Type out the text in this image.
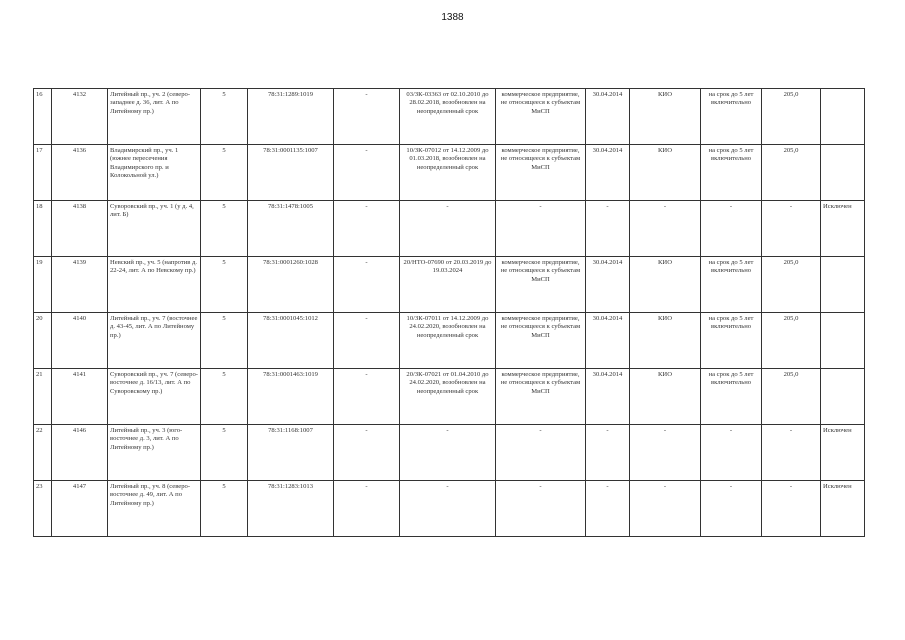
1388
16	4132	Литейный пр., уч. 2 (северо-западнее д. 36, лит. А по Литейному пр.)	5	78:31:1289:1019	-	03/ЗК-03363 от 02.10.2010 до 28.02.2018, возобновлен на неопределенный срок	коммерческое предприятие, не относящееся к субъектам МиСП	30.04.2014	КИО	на срок до 5 лет включительно	205,0	
17	4136	Владимирский пр., уч. 1 (южнее пересечения Владимирского пр. и Колокольной ул.)	5	78:31:0001135:1007	-	10/ЗК-07012 от 14.12.2009 до 01.03.2018, возобновлен на неопределенный срок	коммерческое предприятие, не относящееся к субъектам МиСП	30.04.2014	КИО	на срок до 5 лет включительно	205,0	
18	4138	Суворовский пр., уч. 1 (у д. 4, лит. Б)	5	78:31:1478:1005	-	-	-	-	-	-	-	Исключен
19	4139	Невский пр., уч. 5 (напротив д. 22-24, лит. А по Невскому пр.)	5	78:31:0001260:1028	-	20/НТО-07690 от 20.03.2019 до 19.03.2024	коммерческое предприятие, не относящееся к субъектам МиСП	30.04.2014	КИО	на срок до 5 лет включительно	205,0	
20	4140	Литейный пр., уч. 7 (восточнее д. 43-45, лит. А по Литейному пр.)	5	78:31:0001045:1012	-	10/ЗК-07011 от 14.12.2009 до 24.02.2020, возобновлен на неопределенный срок	коммерческое предприятие, не относящееся к субъектам МиСП	30.04.2014	КИО	на срок до 5 лет включительно	205,0	
21	4141	Суворовский пр., уч. 7 (северо-восточнее д. 16/13, лит. А по Суворовскому пр.)	5	78:31:0001463:1019	-	20/ЗК-07021 от 01.04.2010 до 24.02.2020, возобновлен на неопределенный срок	коммерческое предприятие, не относящееся к субъектам МиСП	30.04.2014	КИО	на срок до 5 лет включительно	205,0	
22	4146	Литейный пр., уч. 3 (юго-восточнее д. 3, лит. А по Литейному пр.)	5	78:31:1168:1007	-	-	-	-	-	-	-	Исключен
23	4147	Литейный пр., уч. 8 (северо-восточнее д. 49, лит. А по Литейному пр.)	5	78:31:1283:1013	-	-	-	-	-	-	-	Исключен
